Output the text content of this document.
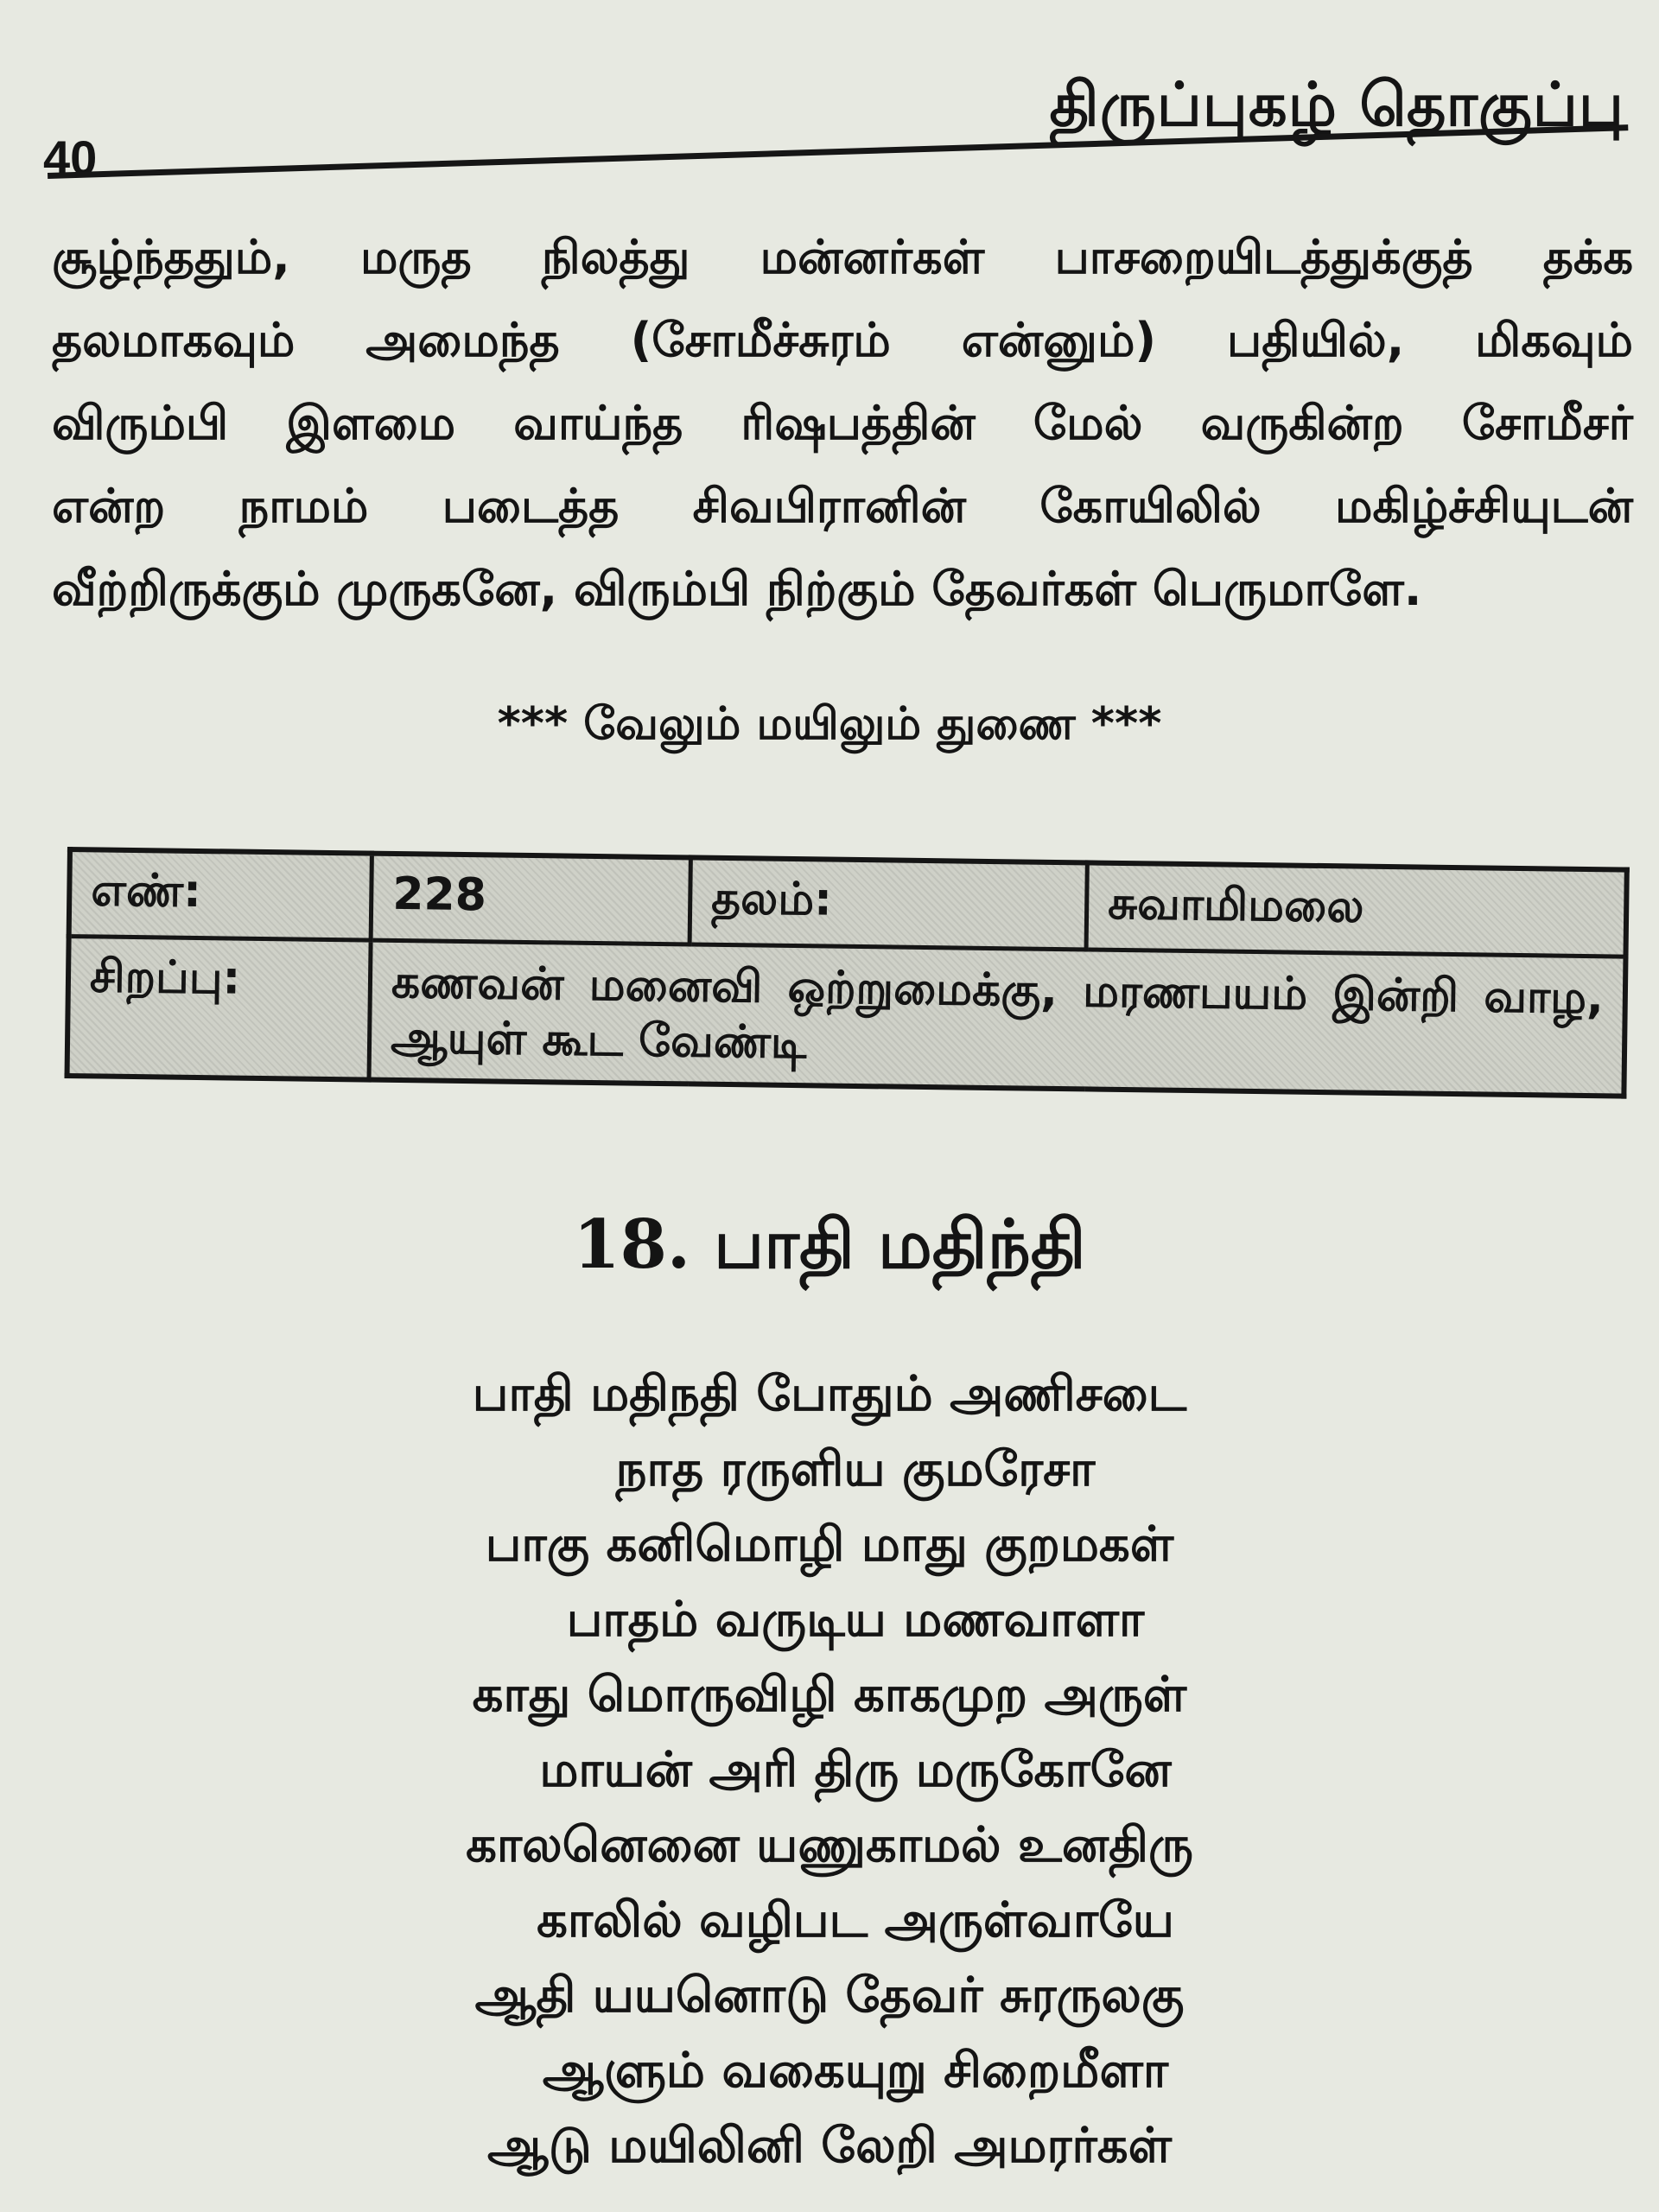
திருப்புகழ் தொகுப்பு
40
சூழ்ந்ததும், மருத நிலத்து மன்னர்கள் பாசறையிடத்துக்குத் தக்க
தலமாகவும் அமைந்த (சோமீச்சுரம் என்னும்) பதியில், மிகவும்
விரும்பி இளமை வாய்ந்த ரிஷபத்தின் மேல் வருகின்ற சோமீசர்
என்ற நாமம் படைத்த சிவபிரானின் கோயிலில் மகிழ்ச்சியுடன்
வீற்றிருக்கும் முருகனே, விரும்பி நிற்கும் தேவர்கள் பெருமாளே.
*** வேலும் மயிலும் துணை ***
எண்:	228	தலம்:	சுவாமிமலை
சிறப்பு:	கணவன் மனைவி ஒற்றுமைக்கு, மரணபயம் இன்றி வாழ, ஆயுள் கூட வேண்டி		
18. பாதி மதிந்தி
பாதி மதிநதி போதும் அணிசடை
நாத ரருளிய குமரேசா
பாகு கனிமொழி மாது குறமகள்
பாதம் வருடிய மணவாளா
காது மொருவிழி காகமுற அருள்
மாயன் அரி திரு மருகோனே
காலனெனை யணுகாமல் உனதிரு
காலில் வழிபட அருள்வாயே
ஆதி யயனொடு தேவர் சுரருலகு
ஆளும் வகையுறு சிறைமீளா
ஆடு மயிலினி லேறி அமரர்கள்
